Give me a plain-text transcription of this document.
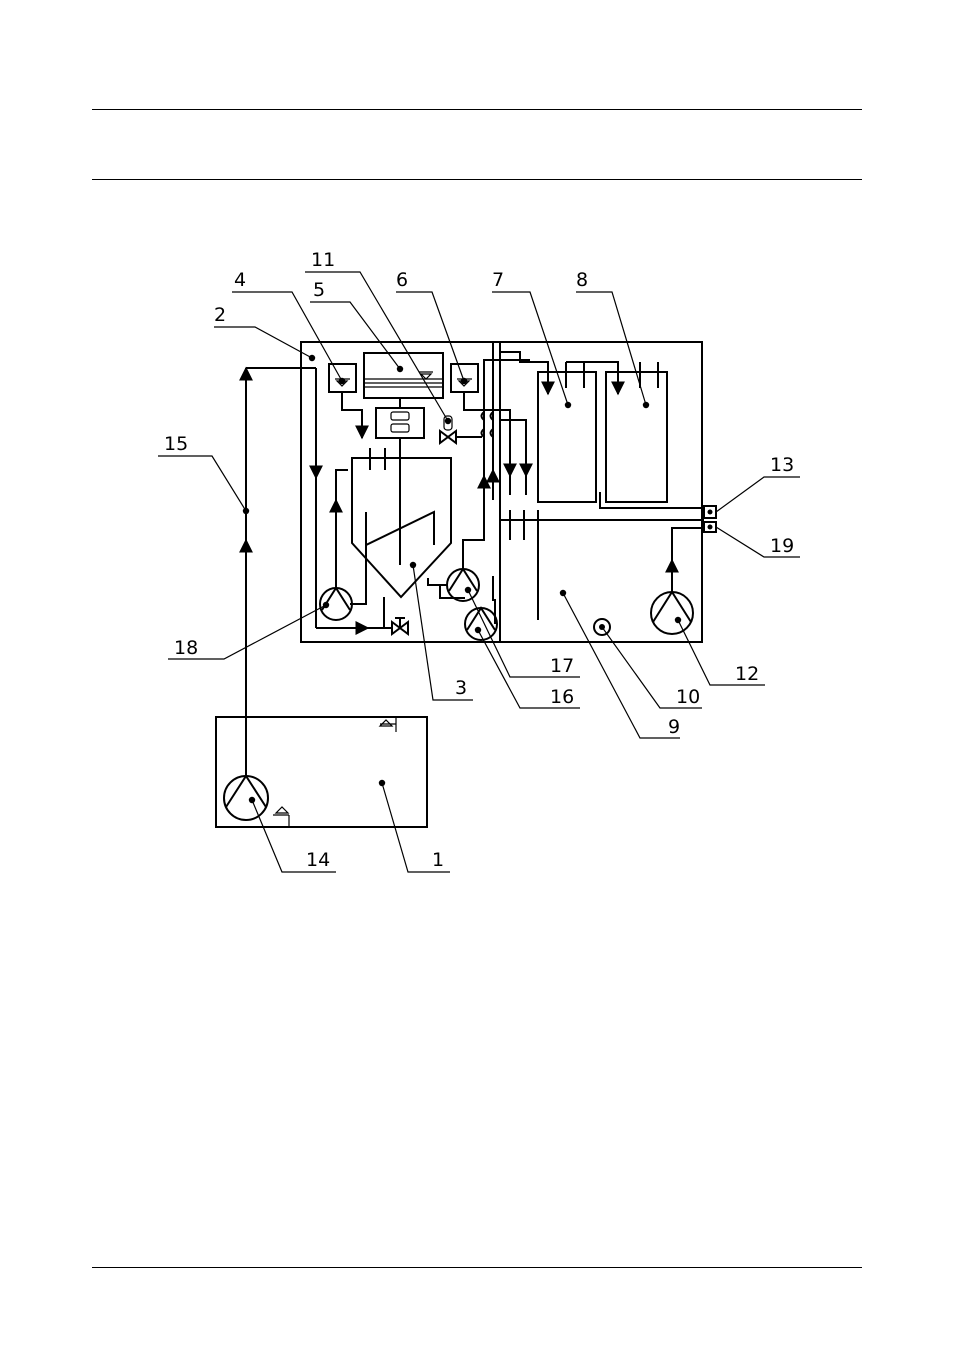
1
2
3
4	5	6	7	8
9
10
11
12
13
14
15
16
17
18
19
